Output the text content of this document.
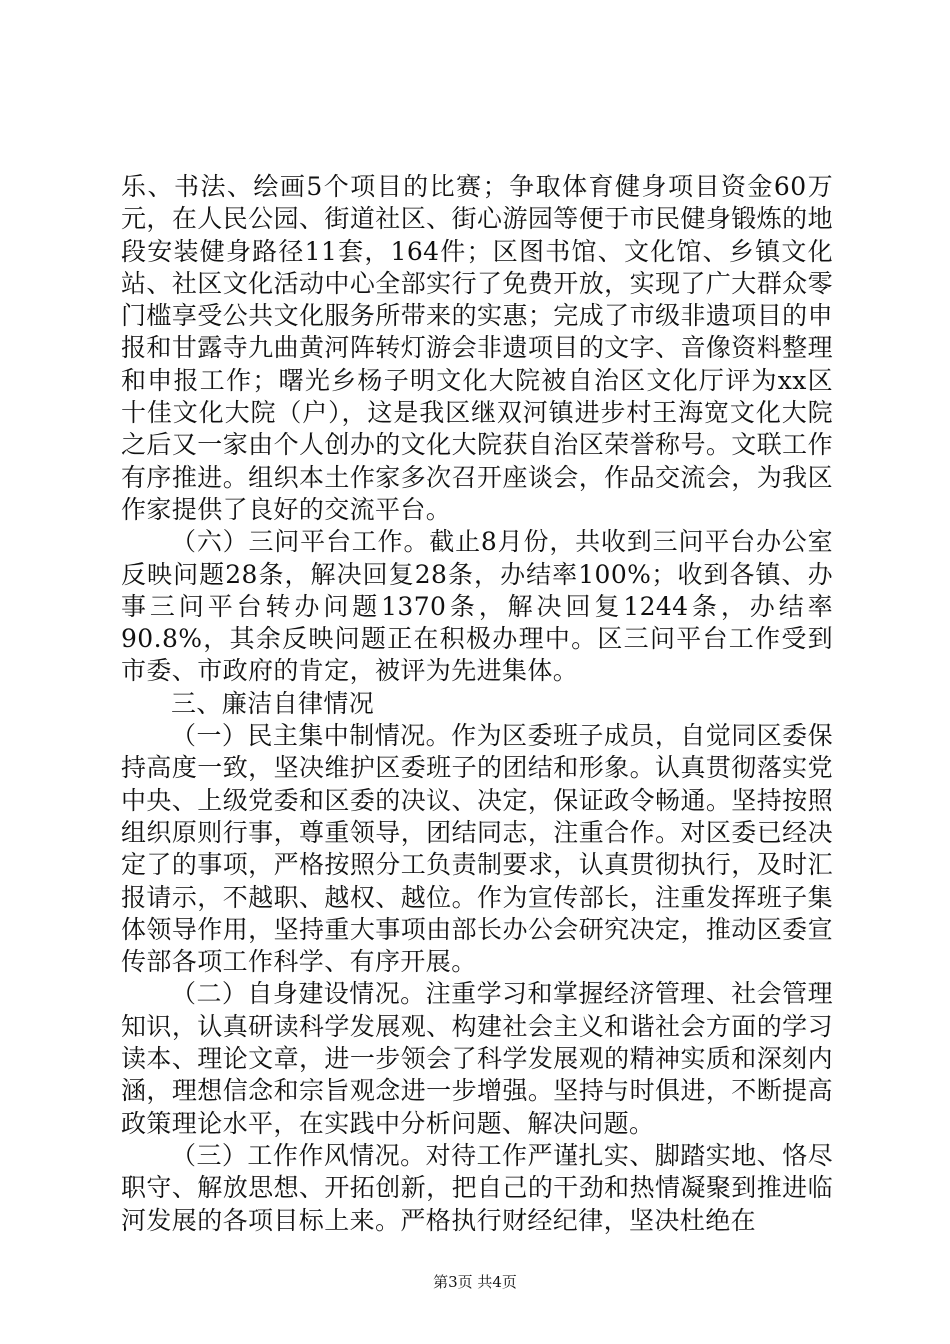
乐、书法、绘画5个项目的比赛；争取体育健身项目资金60万元，在人民公园、街道社区、街心游园等便于市民健身锻炼的地段安装健身路径11套，164件；区图书馆、文化馆、乡镇文化站、社区文化活动中心全部实行了免费开放，实现了广大群众零门槛享受公共文化服务所带来的实惠；完成了市级非遗项目的申报和甘露寺九曲黄河阵转灯游会非遗项目的文字、音像资料整理和申报工作；曙光乡杨子明文化大院被自治区文化厅评为xx区十佳文化大院（户），这是我区继双河镇进步村王海宽文化大院之后又一家由个人创办的文化大院获自治区荣誉称号。文联工作有序推进。组织本土作家多次召开座谈会，作品交流会，为我区作家提供了良好的交流平台。

（六）三问平台工作。截止8月份，共收到三问平台办公室反映问题28条，解决回复28条，办结率100%；收到各镇、办事三问平台转办问题1370条，解决回复1244条，办结率90.8%，其余反映问题正在积极办理中。区三问平台工作受到市委、市政府的肯定，被评为先进集体。

三、廉洁自律情况

（一）民主集中制情况。作为区委班子成员，自觉同区委保持高度一致，坚决维护区委班子的团结和形象。认真贯彻落实党中央、上级党委和区委的决议、决定，保证政令畅通。坚持按照组织原则行事，尊重领导，团结同志，注重合作。对区委已经决定了的事项，严格按照分工负责制要求，认真贯彻执行，及时汇报请示，不越职、越权、越位。作为宣传部长，注重发挥班子集体领导作用，坚持重大事项由部长办公会研究决定，推动区委宣传部各项工作科学、有序开展。

（二）自身建设情况。注重学习和掌握经济管理、社会管理知识，认真研读科学发展观、构建社会主义和谐社会方面的学习读本、理论文章，进一步领会了科学发展观的精神实质和深刻内涵，理想信念和宗旨观念进一步增强。坚持与时俱进，不断提高政策理论水平，在实践中分析问题、解决问题。

（三）工作作风情况。对待工作严谨扎实、脚踏实地、恪尽职守、解放思想、开拓创新，把自己的干劲和热情凝聚到推进临河发展的各项目标上来。严格执行财经纪律，坚决杜绝在

第3页 共4页
